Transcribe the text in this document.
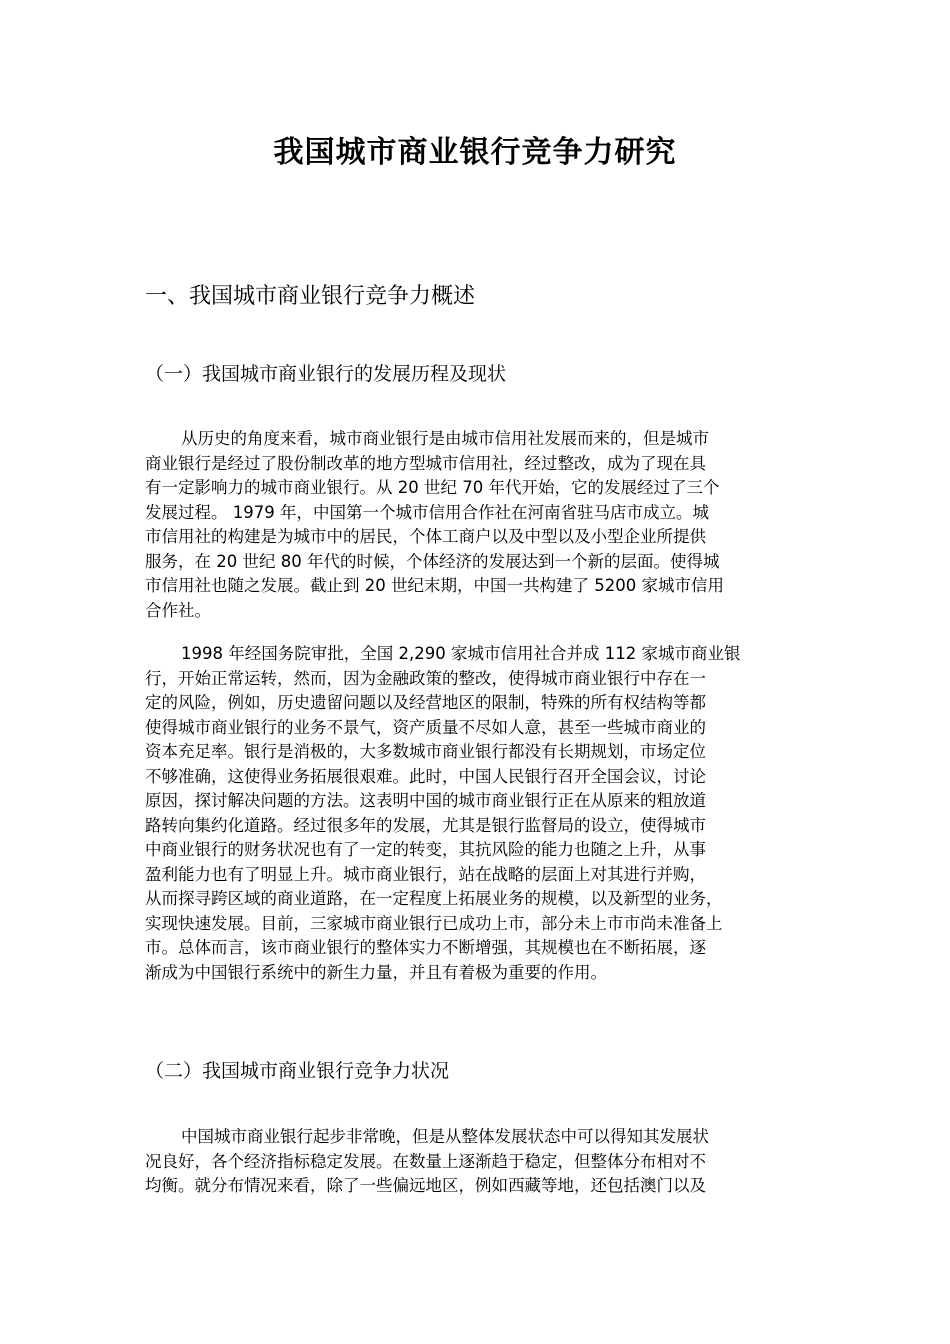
我国城市商业银行竞争力研究
一、我国城市商业银行竞争力概述
（一）我国城市商业银行的发展历程及现状

从历史的角度来看，城市商业银行是由城市信用社发展而来的，但是城市
商业银行是经过了股份制改革的地方型城市信用社，经过整改，成为了现在具
有一定影响力的城市商业银行。从 20 世纪 70 年代开始，它的发展经过了三个
发展过程。 1979 年，中国第一个城市信用合作社在河南省驻马店市成立。城
市信用社的构建是为城市中的居民，个体工商户以及中型以及小型企业所提供
服务，在 20 世纪 80 年代的时候，个体经济的发展达到一个新的层面。使得城
市信用社也随之发展。截止到 20 世纪末期，中国一共构建了 5200 家城市信用
合作社。

1998 年经国务院审批，全国 2,290 家城市信用社合并成 112 家城市商业银
行，开始正常运转，然而，因为金融政策的整改，使得城市商业银行中存在一
定的风险，例如，历史遗留问题以及经营地区的限制，特殊的所有权结构等都
使得城市商业银行的业务不景气，资产质量不尽如人意，甚至一些城市商业的
资本充足率。银行是消极的，大多数城市商业银行都没有长期规划，市场定位
不够准确，这使得业务拓展很艰难。此时，中国人民银行召开全国会议，讨论
原因，探讨解决问题的方法。这表明中国的城市商业银行正在从原来的粗放道
路转向集约化道路。经过很多年的发展，尤其是银行监督局的设立，使得城市
中商业银行的财务状况也有了一定的转变，其抗风险的能力也随之上升，从事
盈利能力也有了明显上升。城市商业银行，站在战略的层面上对其进行并购，
从而探寻跨区域的商业道路，在一定程度上拓展业务的规模，以及新型的业务，
实现快速发展。目前，三家城市商业银行已成功上市，部分未上市市尚未准备上
市。总体而言，该市商业银行的整体实力不断增强，其规模也在不断拓展，逐
渐成为中国银行系统中的新生力量，并且有着极为重要的作用。

（二）我国城市商业银行竞争力状况

中国城市商业银行起步非常晚，但是从整体发展状态中可以得知其发展状
况良好，各个经济指标稳定发展。在数量上逐渐趋于稳定，但整体分布相对不
均衡。就分布情况来看，除了一些偏远地区，例如西藏等地，还包括澳门以及
